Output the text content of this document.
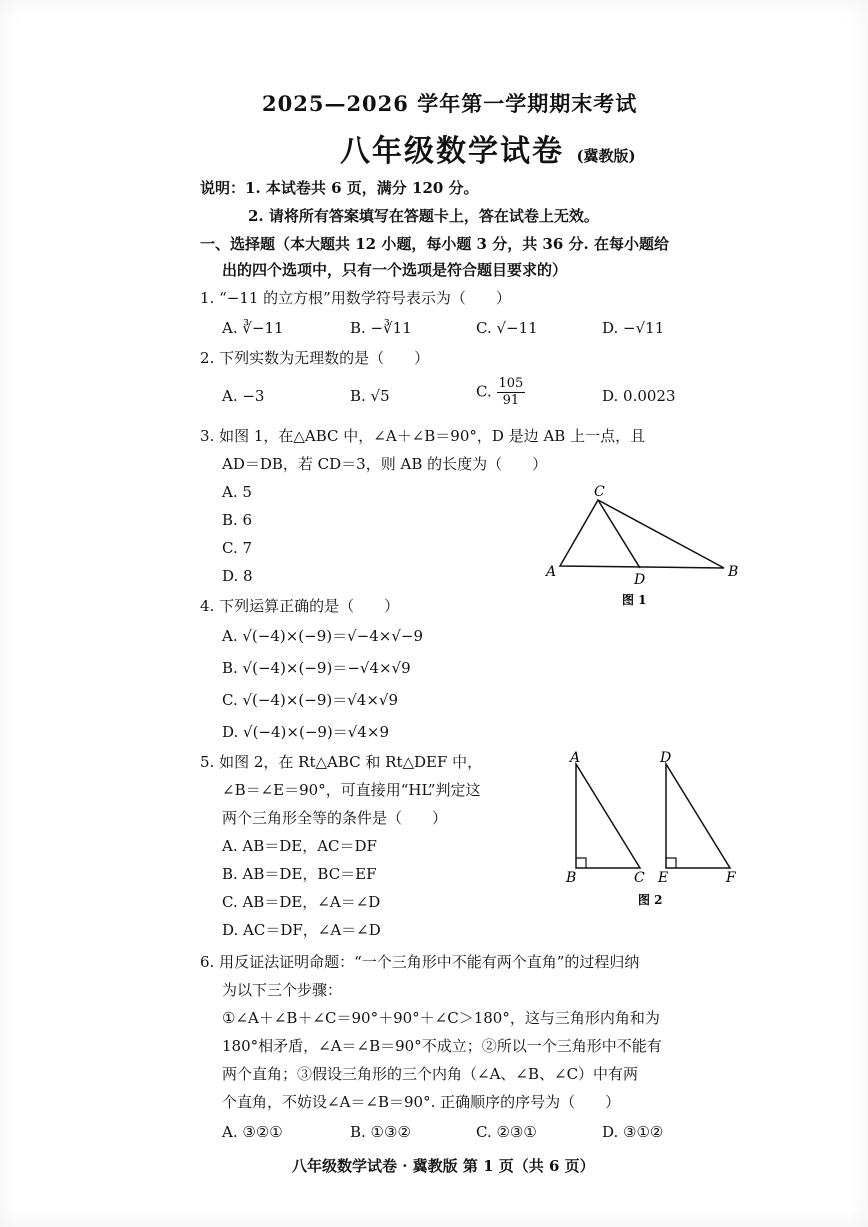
2025—2026 学年第一学期期末考试
八年级数学试卷 (冀教版)
说明：1. 本试卷共 6 页，满分 120 分。
2. 请将所有答案填写在答题卡上，答在试卷上无效。
一、选择题（本大题共 12 小题，每小题 3 分，共 36 分. 在每小题给
出的四个选项中，只有一个选项是符合题目要求的）
1. “−11 的立方根”用数学符号表示为（　　）
A. ∛−11	B. −∛11	C. √−11	D. −√11
2. 下列实数为无理数的是（　　）
A. −3	B. √5	C. $\frac{105}{91}$	D. 0.0023
3. 如图 1，在△ABC 中，∠A＋∠B＝90°，D 是边 AB 上一点，且
AD＝DB，若 CD＝3，则 AB 的长度为（　　）
A. 5
B. 6
C. 7
D. 8
C
A	D	B
图 1
4. 下列运算正确的是（　　）
A. √(−4)×(−9)＝√−4×√−9
B. √(−4)×(−9)＝−√4×√9
C. √(−4)×(−9)＝√4×√9
D. √(−4)×(−9)＝√4×9
5. 如图 2，在 Rt△ABC 和 Rt△DEF 中，
∠B＝∠E＝90°，可直接用“HL”判定这
两个三角形全等的条件是（　　）
A. AB＝DE，AC＝DF
B. AB＝DE，BC＝EF
C. AB＝DE，∠A＝∠D
D. AC＝DF，∠A＝∠D
A
B	C
D
E	F
图 2
6. 用反证法证明命题：“一个三角形中不能有两个直角”的过程归纳
为以下三个步骤：
①∠A＋∠B＋∠C＝90°＋90°＋∠C＞180°，这与三角形内角和为
180°相矛盾，∠A＝∠B＝90°不成立；②所以一个三角形中不能有
两个直角；③假设三角形的三个内角（∠A、∠B、∠C）中有两
个直角，不妨设∠A＝∠B＝90°. 正确顺序的序号为（　　）
A. ③②①	B. ①③②	C. ②③①	D. ③①②
八年级数学试卷 · 冀教版 第 1 页（共 6 页）
